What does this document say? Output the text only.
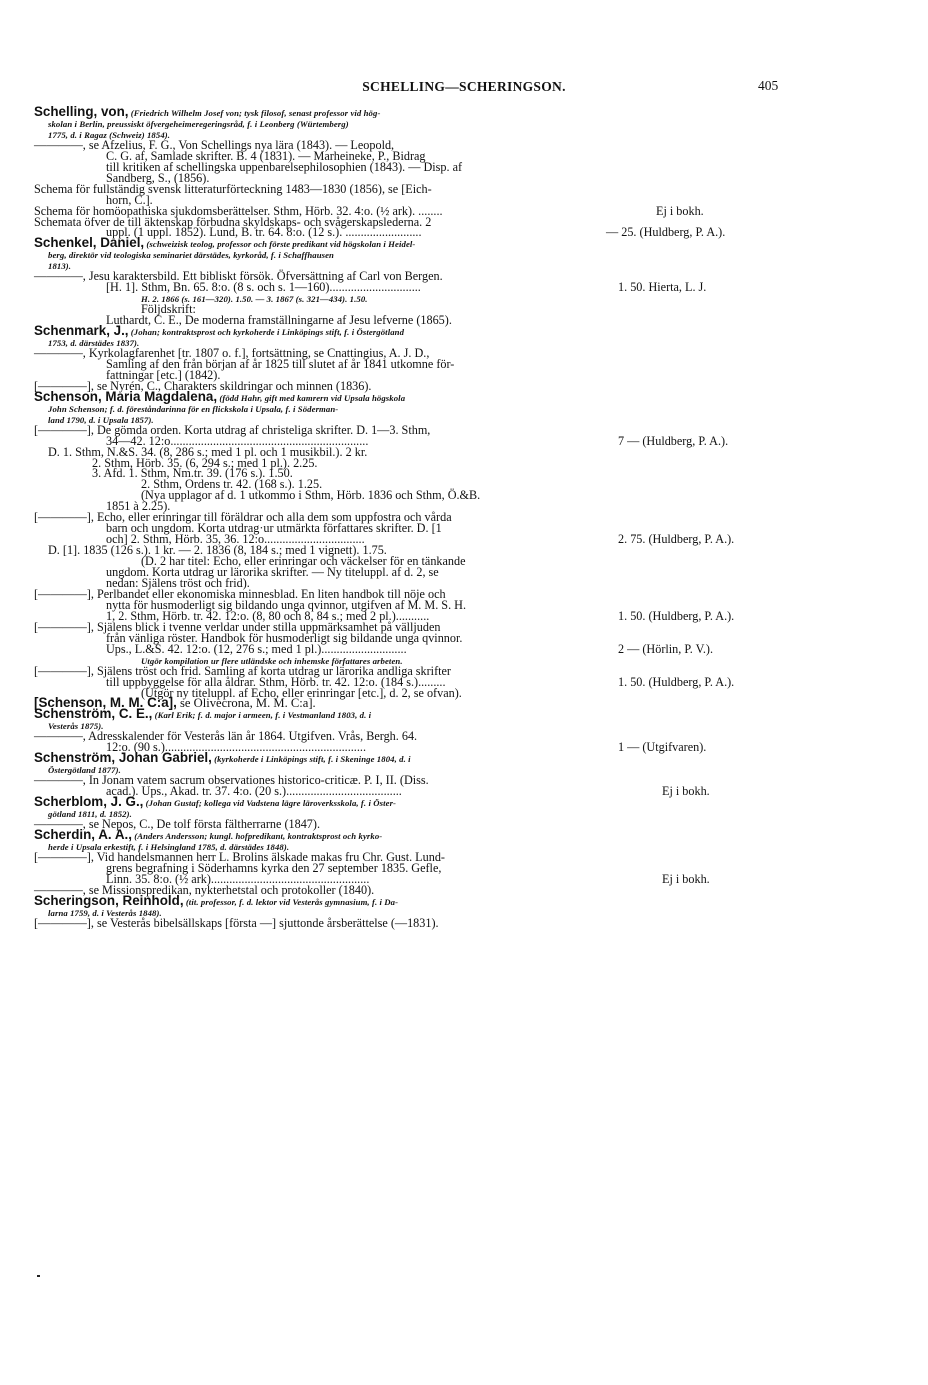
SCHELLING—SCHERINGSON.	405
Schelling, von, (Friedrich Wilhelm Josef von; tysk filosof, senast professor vid hög-
skolan i Berlin, preussiskt öfvergeheimeregeringsråd, f. i Leonberg (Würtemberg)
1775, d. i Ragaz (Schweiz) 1854).
————, se Afzelius, F. G., Von Schellings nya lära (1843). — Leopold,
C. G. af, Samlade skrifter. B. 4 (1831). — Marheineke, P., Bidrag
till kritiken af schellingska uppenbarelsephilosophien (1843). — Disp. af
Sandberg, S., (1856).
Schema för fullständig svensk litteraturförteckning 1483—1830 (1856), se [Eich-
horn, C.].
Schema för homöopathiska sjukdomsberättelser. Sthm, Hörb. 32. 4:o. (½ ark). ........	Ej i bokh.
Schemata öfver de till äktenskap förbudna skyldskaps- och svågerskapslederna. 2
uppl. (1 uppl. 1852). Lund, B. tr. 64. 8:o. (12 s.). .........................	— 25. (Huldberg, P. A.).
Schenkel, Daniel, (schweizisk teolog, professor och förste predikant vid högskolan i Heidel-
berg, direktör vid teologiska seminariet därstädes, kyrkoråd, f. i Schaffhausen
1813).
————, Jesu karaktersbild. Ett bibliskt försök. Öfversättning af Carl von Bergen.
[H. 1]. Sthm, Bn. 65. 8:o. (8 s. och s. 1—160)..............................	1. 50. Hierta, L. J.
H. 2. 1866 (s. 161—320). 1.50. — 3. 1867 (s. 321—434). 1.50.
Följdskrift:
Luthardt, C. E., De moderna framställningarne af Jesu lefverne (1865).
Schenmark, J., (Johan; kontraktsprost och kyrkoherde i Linköpings stift, f. i Östergötland
1753, d. därstädes 1837).
————, Kyrkolagfarenhet [tr. 1807 o. f.], fortsättning, se Cnattingius, A. J. D.,
Samling af den från början af år 1825 till slutet af år 1841 utkomne för-
fattningar [etc.] (1842).
[————], se Nyrén, C., Charakters skildringar och minnen (1836).
Schenson, Maria Magdalena, (född Hahr, gift med kamrern vid Upsala högskola
John Schenson; f. d. föreståndarinna för en flickskola i Upsala, f. i Söderman-
land 1790, d. i Upsala 1857).
[————], De gömda orden. Korta utdrag af christeliga skrifter. D. 1—3. Sthm,
34—42. 12:o.................................................................	7 — (Huldberg, P. A.).
D. 1. Sthm, N.&S. 34. (8, 286 s.; med 1 pl. och 1 musikbil.). 2 kr.
2. Sthm, Hörb. 35. (6, 294 s.; med 1 pl.). 2.25.
3. Afd. 1. Sthm, Nm.tr. 39. (176 s.). 1.50.
2. Sthm, Ordens tr. 42. (168 s.). 1.25.
(Nya upplagor af d. 1 utkommo i Sthm, Hörb. 1836 och Sthm, Ö.&B.
1851 à 2.25).
[————], Echo, eller erinringar till föräldrar och alla dem som uppfostra och vårda
barn och ungdom. Korta utdrag·ur utmärkta författares skrifter. D. [1
och] 2. Sthm, Hörb. 35, 36. 12:o.................................	2. 75. (Huldberg, P. A.).
D. [1]. 1835 (126 s.). 1 kr. — 2. 1836 (8, 184 s.; med 1 vignett). 1.75.
(D. 2 har titel: Echo, eller erinringar och väckelser för en tänkande
ungdom. Korta utdrag ur lärorika skrifter. — Ny titeluppl. af d. 2, se
nedan: Själens tröst och frid).
[————], Perlbandet eller ekonomiska minnesblad. En liten handbok till nöje och
nytta för husmoderligt sig bildando unga qvinnor, utgifven af M. M. S. H.
1, 2. Sthm, Hörb. tr. 42. 12:o. (8, 80 och 8, 84 s.; med 2 pl.)...........	1. 50. (Huldberg, P. A.).
[————], Själens blick i tvenne verldar under stilla uppmärksamhet på välljuden
från vänliga röster. Handbok för husmoderligt sig bildande unga qvinnor.
Ups., L.&S. 42. 12:o. (12, 276 s.; med 1 pl.)............................	2 — (Hörlin, P. V.).
Utgör kompilation ur flere utländske och inhemske författares arbeten.
[————], Själens tröst och frid. Samling af korta utdrag ur lärorika andliga skrifter
till uppbyggelse för alla åldrar. Sthm, Hörb. tr. 42. 12:o. (184 s.).........	1. 50. (Huldberg, P. A.).
(Utgör ny titeluppl. af Echo, eller erinringar [etc.], d. 2, se ofvan).
[Schenson, M. M. C:a], se Olivecrona, M. M. C:a].
Schenström, C. E., (Karl Erik; f. d. major i armeen, f. i Vestmanland 1803, d. i
Vesterås 1875).
————, Adresskalender för Vesterås län år 1864. Utgifven. Vrås, Bergh. 64.
12:o. (90 s.)..................................................................	1 — (Utgifvaren).
Schenström, Johan Gabriel, (kyrkoherde i Linköpings stift, f. i Skeninge 1804, d. i
Östergötland 1877).
————, In Jonam vatem sacrum observationes historico-criticæ. P. I, II. (Diss.
acad.). Ups., Akad. tr. 37. 4:o. (20 s.)......................................	Ej i bokh.
Scherblom, J. G., (Johan Gustaf; kollega vid Vadstena lägre läroverksskola, f. i Öster-
götland 1811, d. 1852).
————, se Nepos, C., De tolf första fältherrarne (1847).
Scherdin, A. A., (Anders Andersson; kungl. hofpredikant, kontraktsprost och kyrko-
herde i Upsala erkestift, f. i Helsingland 1785, d. därstädes 1848).
[————], Vid handelsmannen herr L. Brolins älskade makas fru Chr. Gust. Lund-
grens begrafning i Söderhamns kyrka den 27 september 1835. Gefle,
Linn. 35. 8:o. (½ ark)....................................................	Ej i bokh.
————, se Missionspredikan, nykterhetstal och protokoller (1840).
Scheringson, Reinhold, (tit. professor, f. d. lektor vid Vesterås gymnasium, f. i Da-
larna 1759, d. i Vesterås 1848).
[————], se Vesterås bibelsällskaps [första —] sjuttonde årsberättelse (—1831).
